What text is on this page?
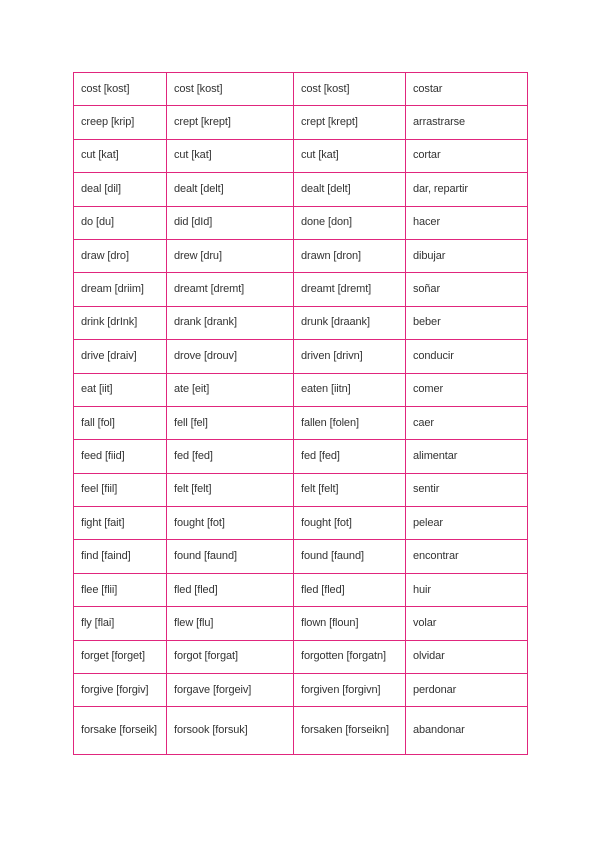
cost [kost]	cost [kost]	cost [kost]	costar
creep [krip]	crept [krept]	crept [krept]	arrastrarse
cut [kat]	cut [kat]	cut [kat]	cortar
deal [dil]	dealt [delt]	dealt [delt]	dar, repartir
do [du]	did [dId]	done [don]	hacer
draw [dro]	drew [dru]	drawn [dron]	dibujar
dream [driim]	dreamt [dremt]	dreamt [dremt]	soñar
drink [drInk]	drank [drank]	drunk [draank]	beber
drive [draiv]	drove [drouv]	driven [drivn]	conducir
eat [iit]	ate [eit]	eaten [iitn]	comer
fall [fol]	fell [fel]	fallen [folen]	caer
feed [fiid]	fed [fed]	fed [fed]	alimentar
feel [fiil]	felt [felt]	felt [felt]	sentir
fight [fait]	fought [fot]	fought [fot]	pelear
find [faind]	found [faund]	found [faund]	encontrar
flee [flii]	fled [fled]	fled [fled]	huir
fly [flai]	flew [flu]	flown [floun]	volar
forget [forget]	forgot [forgat]	forgotten [forgatn]	olvidar
forgive [forgiv]	forgave [forgeiv]	forgiven [forgivn]	perdonar
forsake [forseik]	forsook [forsuk]	forsaken [forseikn]	abandonar
